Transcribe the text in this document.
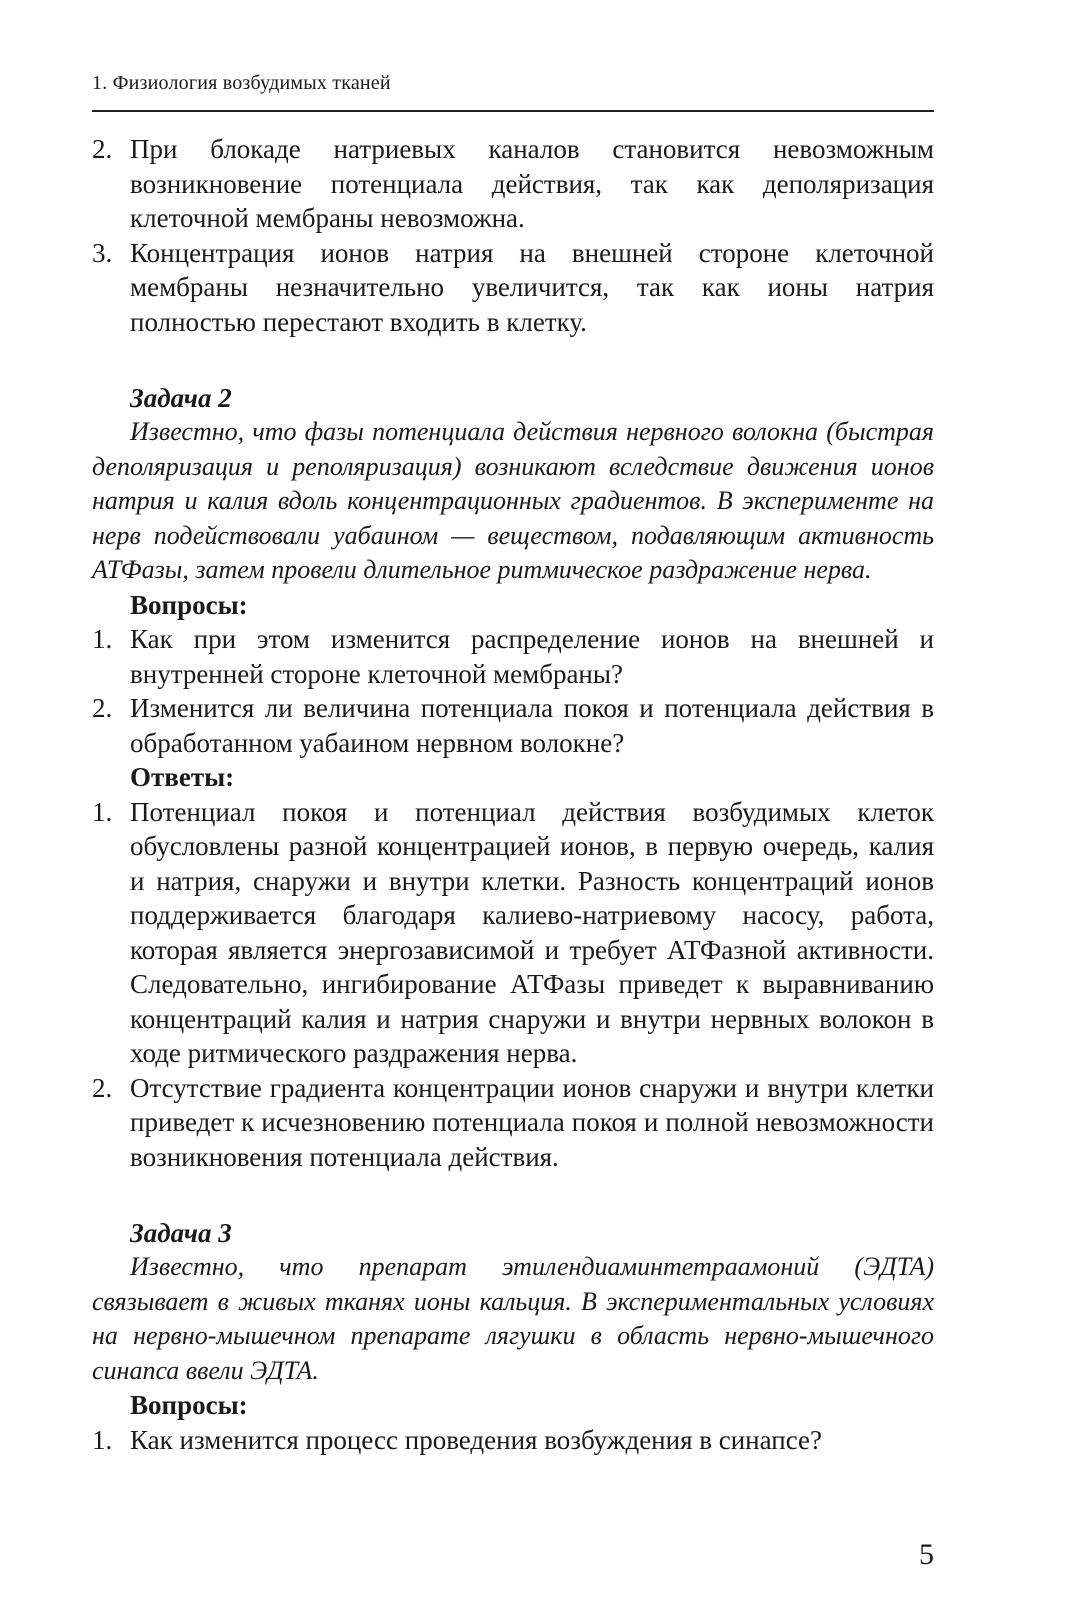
1. Физиология возбудимых тканей
2. При блокаде натриевых каналов становится невозможным возникновение потенциала действия, так как деполяризация клеточной мембраны невозможна.
3. Концентрация ионов натрия на внешней стороне клеточной мембраны незначительно увеличится, так как ионы натрия полностью перестают входить в клетку.
Задача 2
Известно, что фазы потенциала действия нервного волокна (быстрая деполяризация и реполяризация) возникают вследствие движения ионов натрия и калия вдоль концентрационных градиентов. В эксперименте на нерв подействовали уабаином — веществом, подавляющим активность АТФазы, затем провели длительное ритмическое раздражение нерва.
Вопросы:
1. Как при этом изменится распределение ионов на внешней и внутренней стороне клеточной мембраны?
2. Изменится ли величина потенциала покоя и потенциала действия в обработанном уабаином нервном волокне?
Ответы:
1. Потенциал покоя и потенциал действия возбудимых клеток обусловлены разной концентрацией ионов, в первую очередь, калия и натрия, снаружи и внутри клетки. Разность концентраций ионов поддерживается благодаря калиево-натриевому насосу, работа, которая является энергозависимой и требует АТФазной активности. Следовательно, ингибирование АТФазы приведет к выравниванию концентраций калия и натрия снаружи и внутри нервных волокон в ходе ритмического раздражения нерва.
2. Отсутствие градиента концентрации ионов снаружи и внутри клетки приведет к исчезновению потенциала покоя и полной невозможности возникновения потенциала действия.
Задача 3
Известно, что препарат этилендиаминтетраамоний (ЭДТА) связывает в живых тканях ионы кальция. В экспериментальных условиях на нервно-мышечном препарате лягушки в область нервно-мышечного синапса ввели ЭДТА.
Вопросы:
1. Как изменится процесс проведения возбуждения в синапсе?
5
